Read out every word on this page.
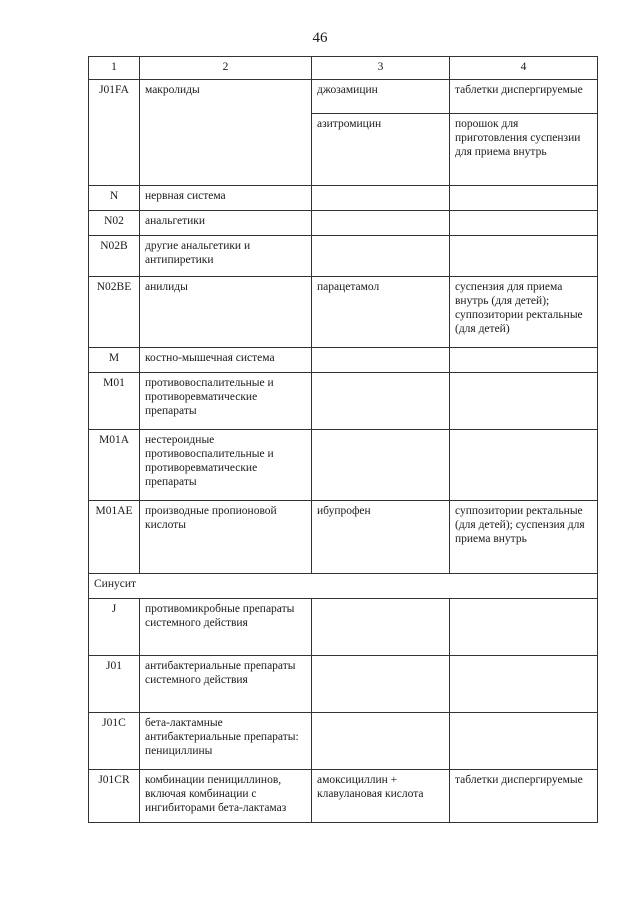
46
1	2	3	4
J01FA	макролиды	джозамицин	таблетки диспергируемые
		азитромицин	порошок для приготовления суспензии для приема внутрь
N	нервная система		
N02	анальгетики		
N02B	другие анальгетики и антипиретики		
N02BE	анилиды	парацетамол	суспензия для приема внутрь (для детей); суппозитории ректальные (для детей)
M	костно-мышечная система		
M01	противовоспалительные и противоревматические препараты		
M01A	нестероидные противовоспалительные и противоревматические препараты		
M01AE	производные пропионовой кислоты	ибупрофен	суппозитории ректальные (для детей); суспензия для приема внутрь
Синусит			
J	противомикробные препараты системного действия		
J01	антибактериальные препараты системного действия		
J01C	бета-лактамные антибактериальные препараты: пенициллины		
J01CR	комбинации пенициллинов, включая комбинации с ингибиторами бета-лактамаз	амоксициллин + клавулановая кислота	таблетки диспергируемые
